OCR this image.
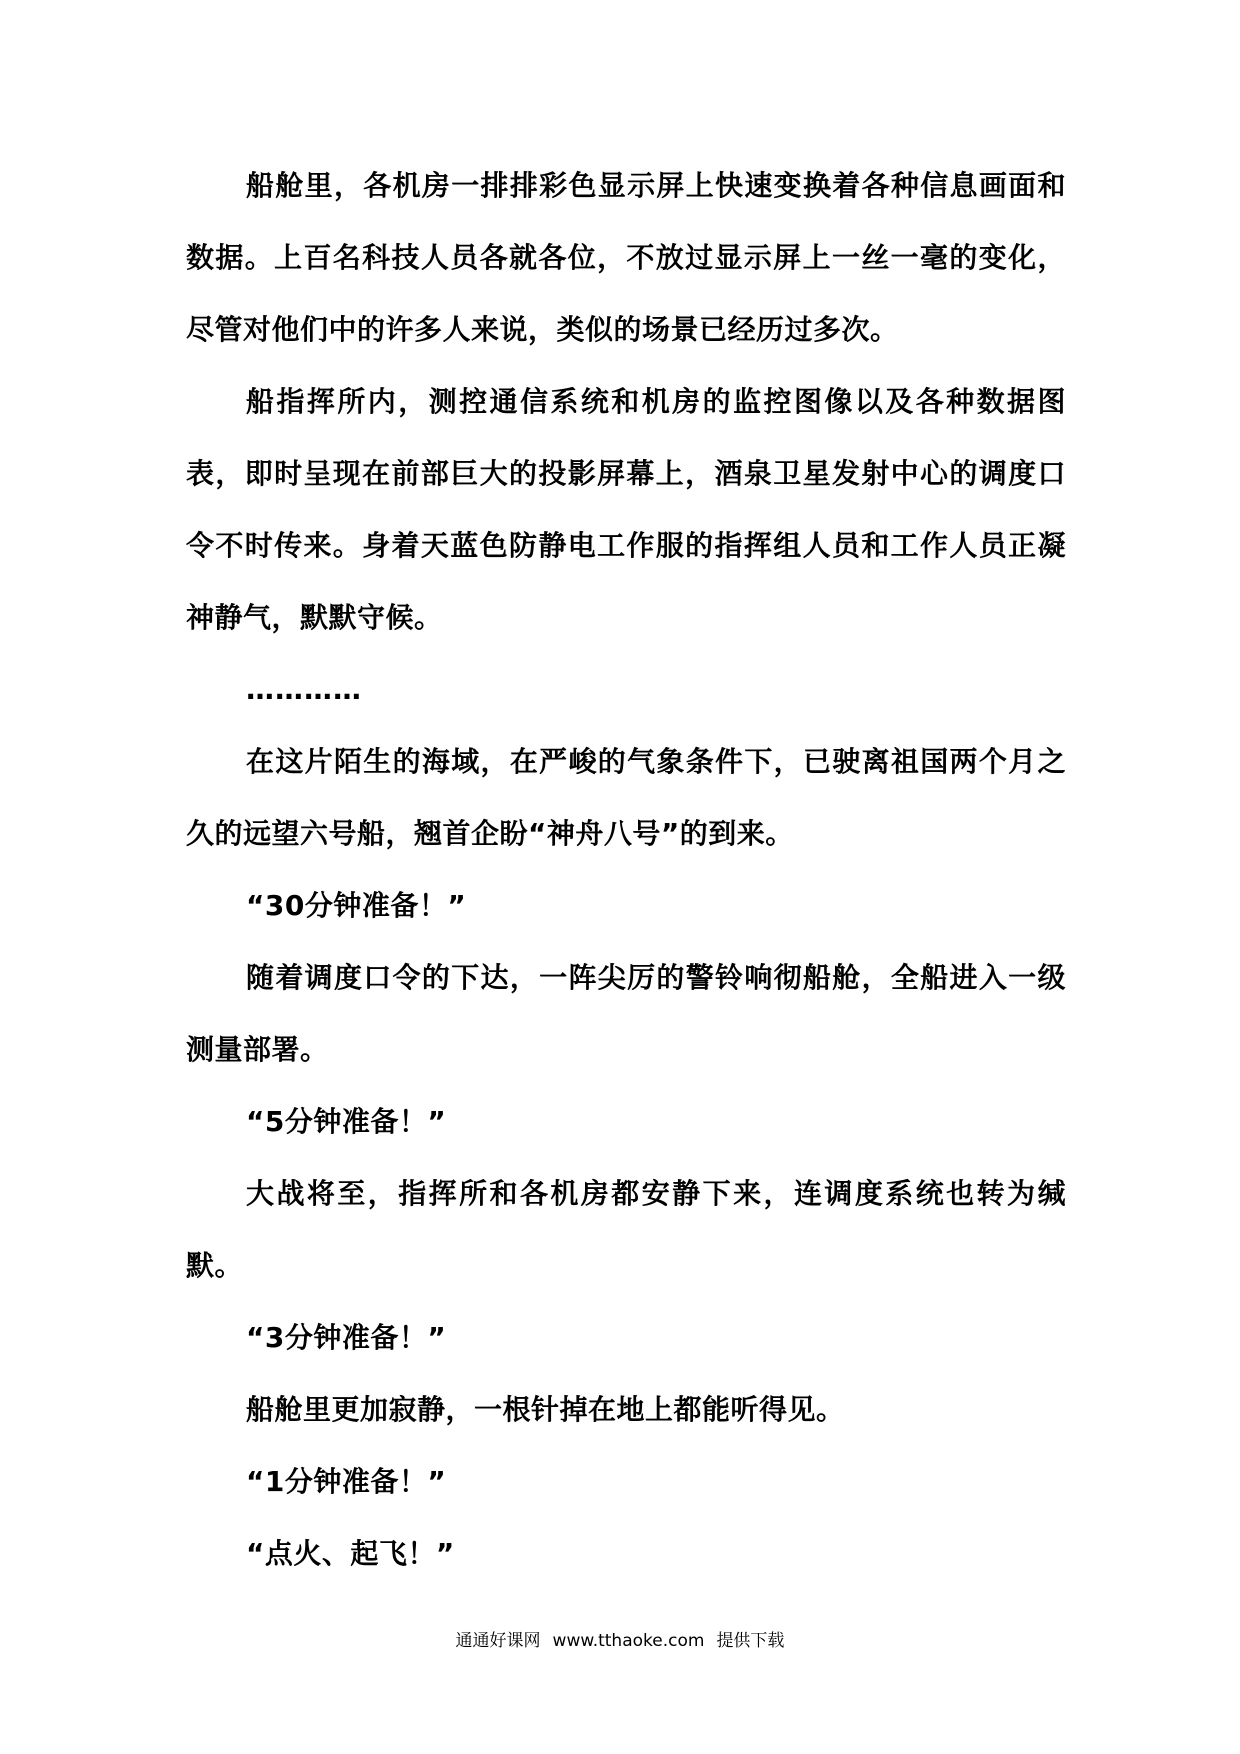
船舱里，各机房一排排彩色显示屏上快速变换着各种信息画面和数据。上百名科技人员各就各位，不放过显示屏上一丝一毫的变化，尽管对他们中的许多人来说，类似的场景已经历过多次。

船指挥所内，测控通信系统和机房的监控图像以及各种数据图表，即时呈现在前部巨大的投影屏幕上，酒泉卫星发射中心的调度口令不时传来。身着天蓝色防静电工作服的指挥组人员和工作人员正凝神静气，默默守候。

…………

在这片陌生的海域，在严峻的气象条件下，已驶离祖国两个月之久的远望六号船，翘首企盼“神舟八号”的到来。

“30分钟准备！”

随着调度口令的下达，一阵尖厉的警铃响彻船舱，全船进入一级测量部署。

“5分钟准备！”

大战将至，指挥所和各机房都安静下来，连调度系统也转为缄默。

“3分钟准备！”

船舱里更加寂静，一根针掉在地上都能听得见。

“1分钟准备！”

“点火、起飞！”

通通好课网 www.tthaoke.com 提供下载
